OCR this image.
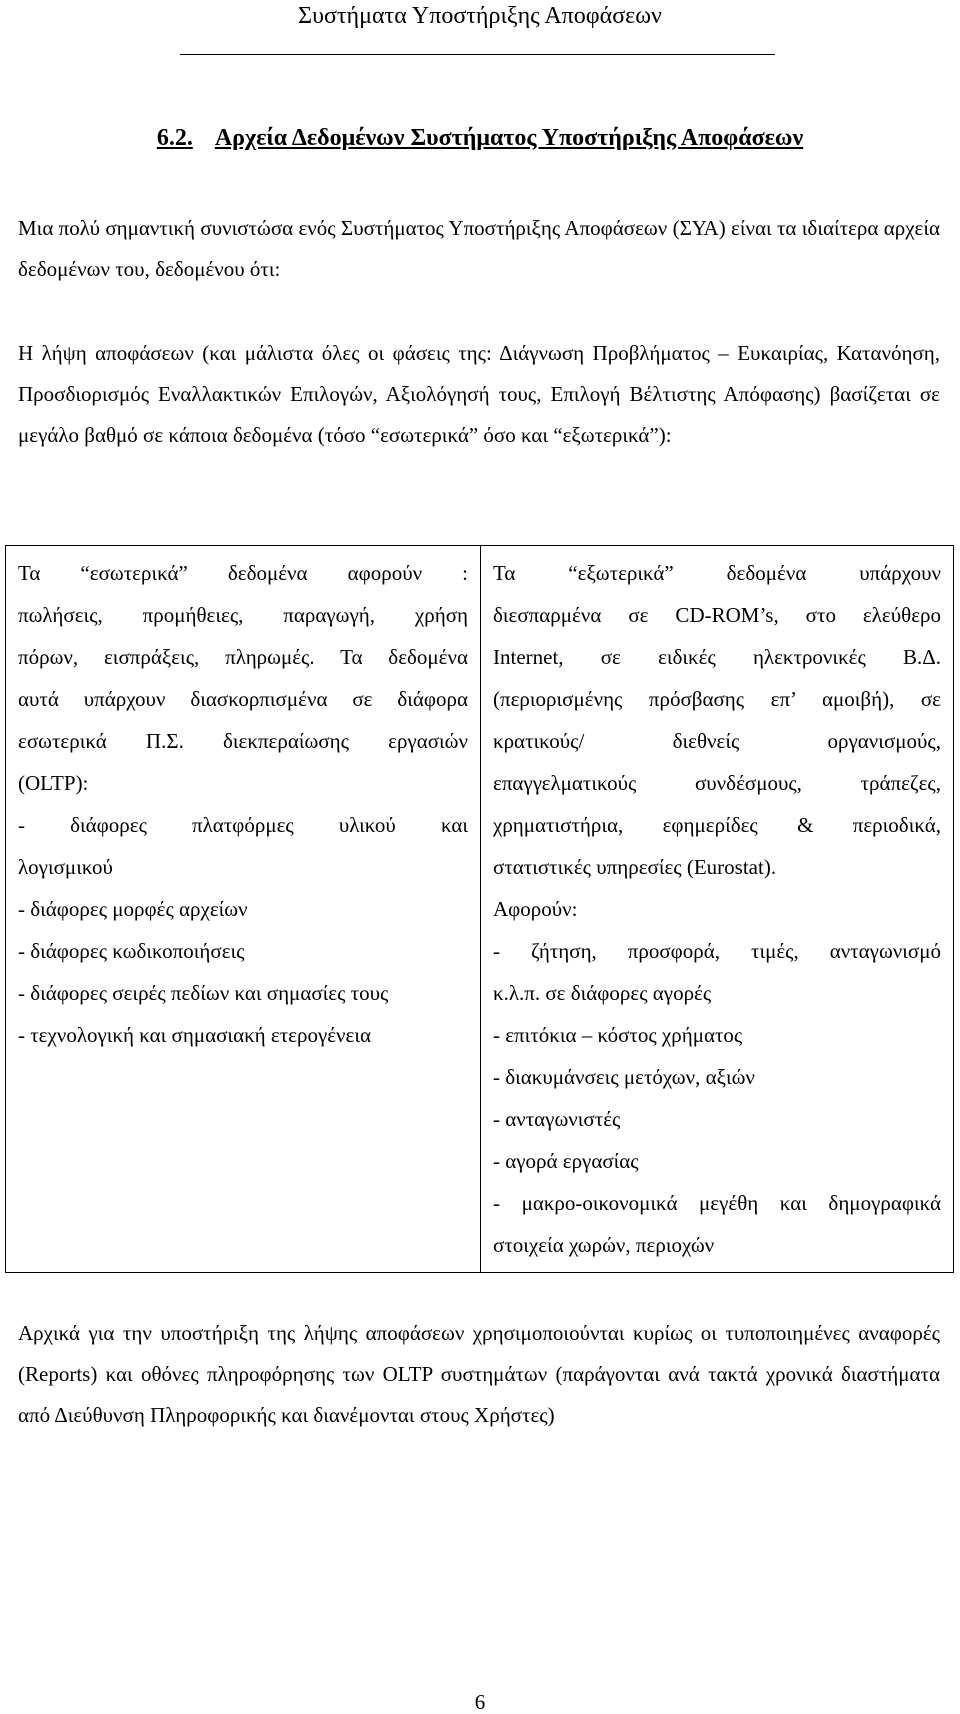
Συστήματα Υποστήριξης Αποφάσεων
6.2. Αρχεία Δεδομένων Συστήματος Υποστήριξης Αποφάσεων

Μια πολύ σημαντική συνιστώσα ενός Συστήματος Υποστήριξης Αποφάσεων (ΣΥΑ) είναι τα ιδιαίτερα αρχεία δεδομένων του, δεδομένου ότι:

Η λήψη αποφάσεων (και μάλιστα όλες οι φάσεις της: Διάγνωση Προβλήματος – Ευκαιρίας, Κατανόηση, Προσδιορισμός Εναλλακτικών Επιλογών, Αξιολόγησή τους, Επιλογή Βέλτιστης Απόφασης) βασίζεται σε μεγάλο βαθμό σε κάποια δεδομένα (τόσο “εσωτερικά” όσο και “εξωτερικά”):

Τα “εσωτερικά” δεδομένα αφορούν :
πωλήσεις, προμήθειες, παραγωγή, χρήση
πόρων, εισπράξεις, πληρωμές. Τα δεδομένα
αυτά υπάρχουν διασκορπισμένα σε διάφορα
εσωτερικά Π.Σ. διεκπεραίωσης εργασιών
(OLTP):
- διάφορες πλατφόρμες υλικού και
λογισμικού
- διάφορες μορφές αρχείων
- διάφορες κωδικοποιήσεις
- διάφορες σειρές πεδίων και σημασίες τους
- τεχνολογική και σημασιακή ετερογένεια
Τα “εξωτερικά” δεδομένα υπάρχουν
διεσπαρμένα σε CD-ROM’s, στο ελεύθερο
Internet, σε ειδικές ηλεκτρονικές Β.Δ.
(περιορισμένης πρόσβασης επ’ αμοιβή), σε
κρατικούς/ διεθνείς οργανισμούς,
επαγγελματικούς συνδέσμους, τράπεζες,
χρηματιστήρια, εφημερίδες & περιοδικά,
στατιστικές υπηρεσίες (Eurostat).
Αφορούν:
- ζήτηση, προσφορά, τιμές, ανταγωνισμό
κ.λ.π. σε διάφορες αγορές
- επιτόκια – κόστος χρήματος
- διακυμάνσεις μετόχων, αξιών
- ανταγωνιστές
- αγορά εργασίας
- μακρο-οικονομικά μεγέθη και δημογραφικά
στοιχεία χωρών, περιοχών

Αρχικά για την υποστήριξη της λήψης αποφάσεων χρησιμοποιούνται κυρίως οι τυποποιημένες αναφορές (Reports) και οθόνες πληροφόρησης των OLTP συστημάτων (παράγονται ανά τακτά χρονικά διαστήματα από Διεύθυνση Πληροφορικής και διανέμονται στους Χρήστες)

6
